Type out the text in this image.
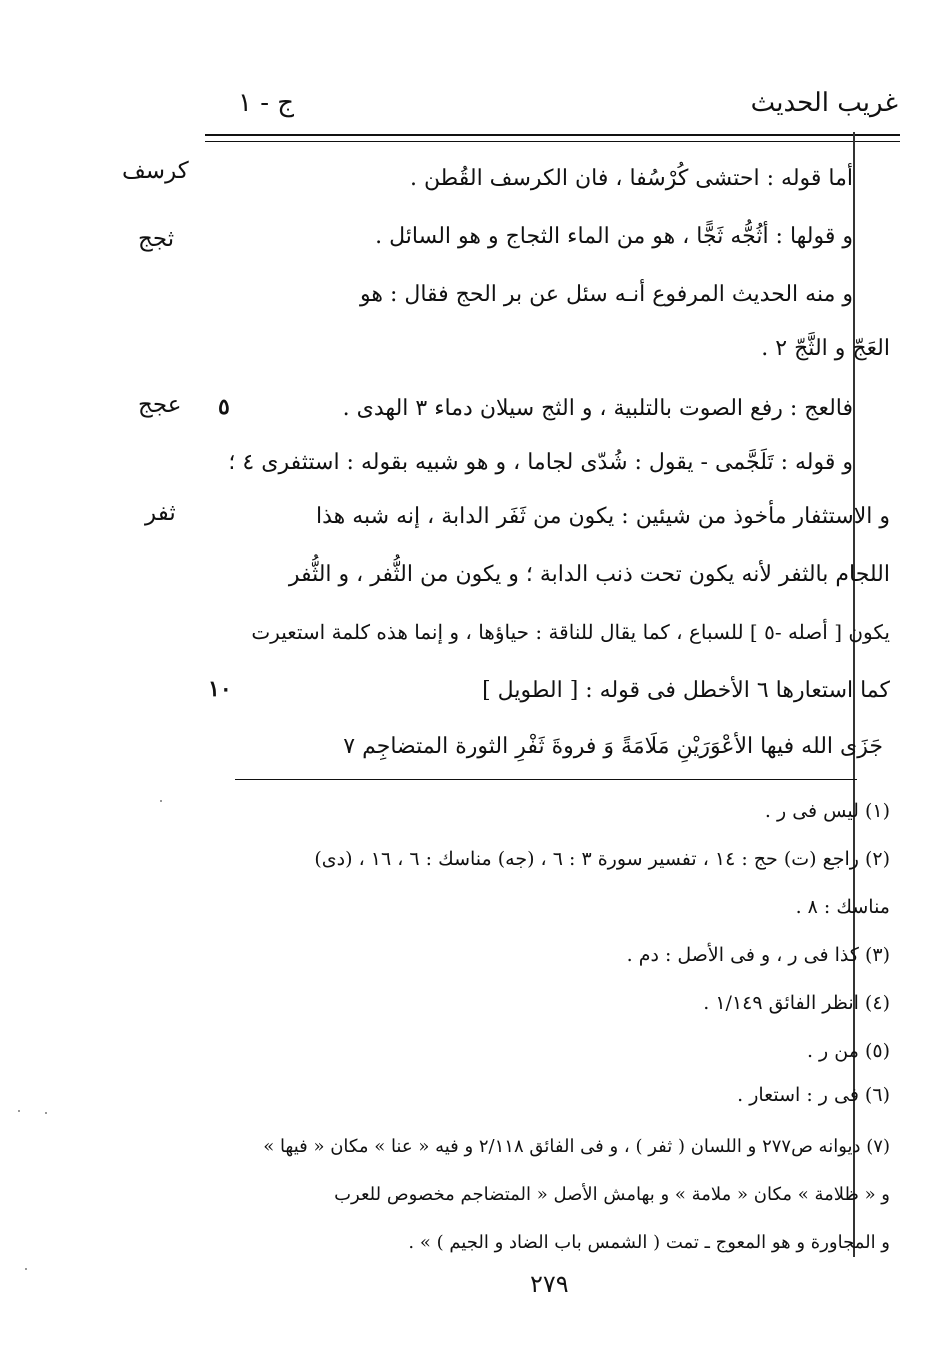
غريب الحديث
ج - ١
كرسف
ثجج
عجج
ثفر
٥
١٠
أما قوله : احتشى كُرْسُفا ، فان الكرسف القُطن .
و قولها : أثُجُّه ثَجًّا ، هو من الماء الثجاج و هو السائل .
و منه الحديث المرفوع أنـه سئل عن بر الحج فقال : هو
العَجّ و الثَّجّ ٢ .
فالعج : رفع الصوت بالتلبية ، و الثج سيلان دماء ٣ الهدى .
و قوله : تَلَجَّمى - يقول : شُدّى لجاما ، و هو شبيه بقوله : استثفرى ٤ ؛
و الاستثفار مأخوذ من شيئين : يكون من ثَفَر الدابة ، إنه شبه هذا
اللجام بالثفر لأنه يكون تحت ذنب الدابة ؛ و يكون من الثُّفر ، و الثُّفر
يكون [ أصله -٥ ] للسباع ، كما يقال للناقة : حياؤها ، و إنما هذه كلمة استعيرت
كما استعارها ٦ الأخطل فى قوله : [ الطويل ]
جَزَى الله فيها الأعْوَرَيْنِ مَلَامَةً وَ فروةَ ثَفْرِ الثورة المتضاجِم ٧
(١) ليس فى ر .
(٢) راجع (ت) حج : ١٤ ، تفسير سورة ٣ : ٦ ، (جه) مناسك : ٦ ، ١٦ ، (دى)
مناسك : ٨ .
(٣) كذا فى ر ، و فى الأصل : دم .
(٤) انظر الفائق ١/١٤٩ .
(٥) من ر .
(٦) فى ر : استعار .
(٧) ديوانه ص٢٧٧ و اللسان ( ثفر ) ، و فى الفائق ٢/١١٨ و فيه « عنا » مكان « فيها »
و « ظلامة » مكان « ملامة » و بهامش الأصل « المتضاجم مخصوص للعرب
و المجاورة و هو المعوج ـ تمت ( الشمس باب الضاد و الجيم ) » .
٢٧٩
